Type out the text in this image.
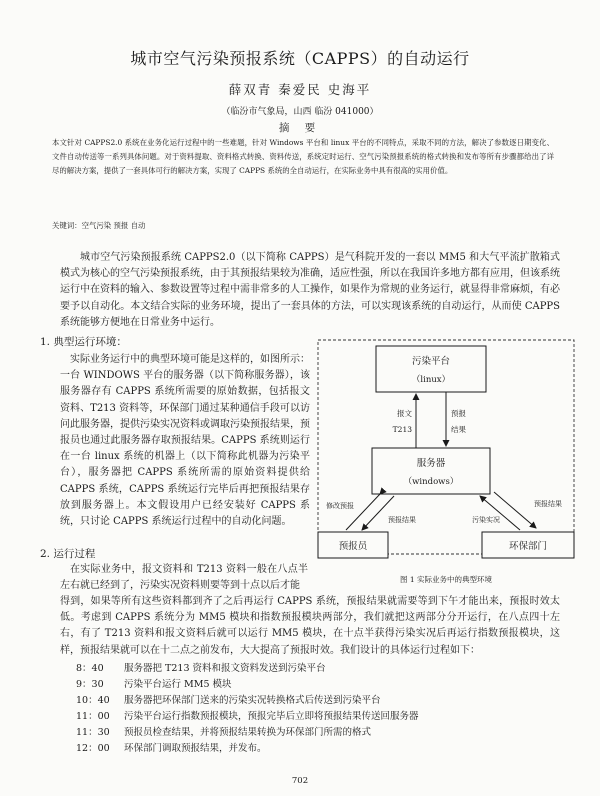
城市空气污染预报系统（CAPPS）的自动运行
薛双青 秦爱民 史海平
（临汾市气象局，山西 临汾 041000）
摘 要
本文针对 CAPPS2.0 系统在业务化运行过程中的一些难题，针对 Windows 平台和 linux 平台的不同特点，采取不同的方法，解决了参数逐日期变化、文件自动传送等一系列具体问题。对于资料提取、资料格式转换、资料传送，系统定时运行、空气污染预报系统的格式转换和发布等所有步骤都给出了详尽的解决方案，提供了一套具体可行的解决方案，实现了 CAPPS 系统的全自动运行，在实际业务中具有很高的实用价值。
关键词：空气污染 预报 自动
城市空气污染预报系统 CAPPS2.0（以下简称 CAPPS）是气科院开发的一套以 MM5 和大气平流扩散箱式模式为核心的空气污染预报系统，由于其预报结果较为准确，适应性强，所以在我国许多地方都有应用，但该系统运行中在资料的输入、参数设置等过程中需非常多的人工操作，如果作为常规的业务运行，就显得非常麻烦，有必要予以自动化。本文结合实际的业务环境，提出了一套具体的方法，可以实现该系统的自动运行，从而使 CAPPS 系统能够方便地在日常业务中运行。
1. 典型运行环境：
实际业务运行中的典型环境可能是这样的，如图所示：一台 WINDOWS 平台的服务器（以下简称服务器），该服务器存有 CAPPS 系统所需要的原始数据，包括报文资料、T213 资料等，环保部门通过某种通信手段可以访问此服务器，提供污染实况资料或调取污染预报结果，预报员也通过此服务器存取预报结果。CAPPS 系统则运行在一台 linux 系统的机器上（以下简称此机器为污染平台），服务器把 CAPPS 系统所需的原始资料提供给 CAPPS 系统，CAPPS 系统运行完毕后再把预报结果存放到服务器上。本文假设用户已经安装好 CAPPS 系统，只讨论 CAPPS 系统运行过程中的自动化问题。
污染平台
（linux）
服务器
（windows）
预报员	环保部门
报文
T213
预报
结果
修改预报
预报结果	污染实况
预报结果
图 1 实际业务中的典型环境
2. 运行过程
在实际业务中，报文资料和 T213 资料一般在八点半左右就已经到了，污染实况资料则要等到十点以后才能
得到，如果等所有这些资料都到齐了之后再运行 CAPPS 系统，预报结果就需要等到下午才能出来，预报时效太低。考虑到 CAPPS 系统分为 MM5 模块和指数预报模块两部分，我们就把这两部分分开运行，在八点四十左右，有了 T213 资料和报文资料后就可以运行 MM5 模块，在十点半获得污染实况后再运行指数预报模块，这样，预报结果就可以在十二点之前发布，大大提高了预报时效。我们设计的具体运行过程如下：
8：40 服务器把 T213 资料和报文资料发送到污染平台
9：30 污染平台运行 MM5 模块
10：40 服务器把环保部门送来的污染实况转换格式后传送到污染平台
11：00 污染平台运行指数预报模块，预报完毕后立即将预报结果传送回服务器
11：30 预报员检查结果，并将预报结果转换为环保部门所需的格式
12：00 环保部门调取预报结果，并发布。
702
